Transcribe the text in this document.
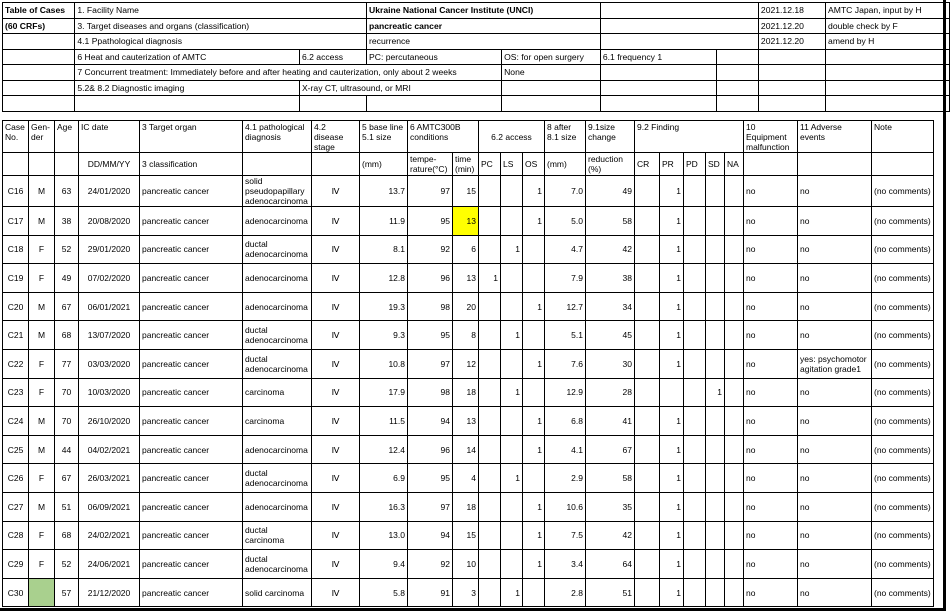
Table of Cases	1. Facility Name		Ukraine National Cancer Institute (UNCI)				2021.12.18	AMTC Japan, input by H
(60 CRFs)	3. Target diseases and organs (classification)		pancreatic cancer				2021.12.20	double check by F
	4.1 Ppathological diagnosis		recurrence				2021.12.20	amend by H
	6 Heat and cauterization of AMTC	6.2 access	PC: percutaneous	OS: for open surgery	6.1 frequency 1			
	7 Concurrent treatment: Immediately before and after heating and cauterization, only about 2 weeks			None				
	5.2& 8.2 Diagnostic imaging	X-ray CT, ultrasound, or MRI						

Case No.	Gen- der	Age	IC date	3 Target organ	4.1 pathological diagnosis	4.2 disease stage	5 base line 5.1 size	6 AMTC300B conditions		6.2 access			8 after 8.1 size	9.1size change	9.2 Finding					10 Equipment malfunction	11 Adverse events	Note
			DD/MM/YY	3 classification			(mm)	tempe- rature(°C)	time (min)	PC	LS	OS	(mm)	reduction (%)	CR	PR	PD	SD	NA			
C16	M	63	24/01/2020	pancreatic cancer	solid pseudopapillary adenocarcinoma	Ⅳ	13.7	97	15			1	7.0	49		1				no	no	(no comments)
C17	M	38	20/08/2020	pancreatic cancer	adenocarcinoma	Ⅳ	11.9	95	13			1	5.0	58		1				no	no	(no comments)
C18	F	52	29/01/2020	pancreatic cancer	ductal adenocarcinoma	Ⅳ	8.1	92	6		1		4.7	42		1				no	no	(no comments)
C19	F	49	07/02/2020	pancreatic cancer	adenocarcinoma	Ⅳ	12.8	96	13	1			7.9	38		1				no	no	(no comments)
C20	M	67	06/01/2021	pancreatic cancer	adenocarcinoma	Ⅳ	19.3	98	20			1	12.7	34		1				no	no	(no comments)
C21	M	68	13/07/2020	pancreatic cancer	ductal adenocarcinoma	Ⅳ	9.3	95	8		1		5.1	45		1				no	no	(no comments)
C22	F	77	03/03/2020	pancreatic cancer	ductal adenocarcinoma	Ⅳ	10.8	97	12			1	7.6	30		1				no	yes: psychomotor agitation grade1	(no comments)
C23	F	70	10/03/2020	pancreatic cancer	carcinoma	Ⅳ	17.9	98	18		1		12.9	28				1		no	no	(no comments)
C24	M	70	26/10/2020	pancreatic cancer	carcinoma	Ⅳ	11.5	94	13			1	6.8	41		1				no	no	(no comments)
C25	M	44	04/02/2021	pancreatic cancer	adenocarcinoma	Ⅳ	12.4	96	14			1	4.1	67		1				no	no	(no comments)
C26	F	67	26/03/2021	pancreatic cancer	ductal adenocarcinoma	Ⅳ	6.9	95	4		1		2.9	58		1				no	no	(no comments)
C27	M	51	06/09/2021	pancreatic cancer	adenocarcinoma	Ⅳ	16.3	97	18			1	10.6	35		1				no	no	(no comments)
C28	F	68	24/02/2021	pancreatic cancer	ductal carcinoma	Ⅳ	13.0	94	15			1	7.5	42		1				no	no	(no comments)
C29	F	52	24/06/2021	pancreatic cancer	ductal adenocarcinoma	Ⅳ	9.4	92	10			1	3.4	64		1				no	no	(no comments)
C30		57	21/12/2020	pancreatic cancer	solid carcinoma	Ⅳ	5.8	91	3		1		2.8	51		1				no	no	(no comments)
